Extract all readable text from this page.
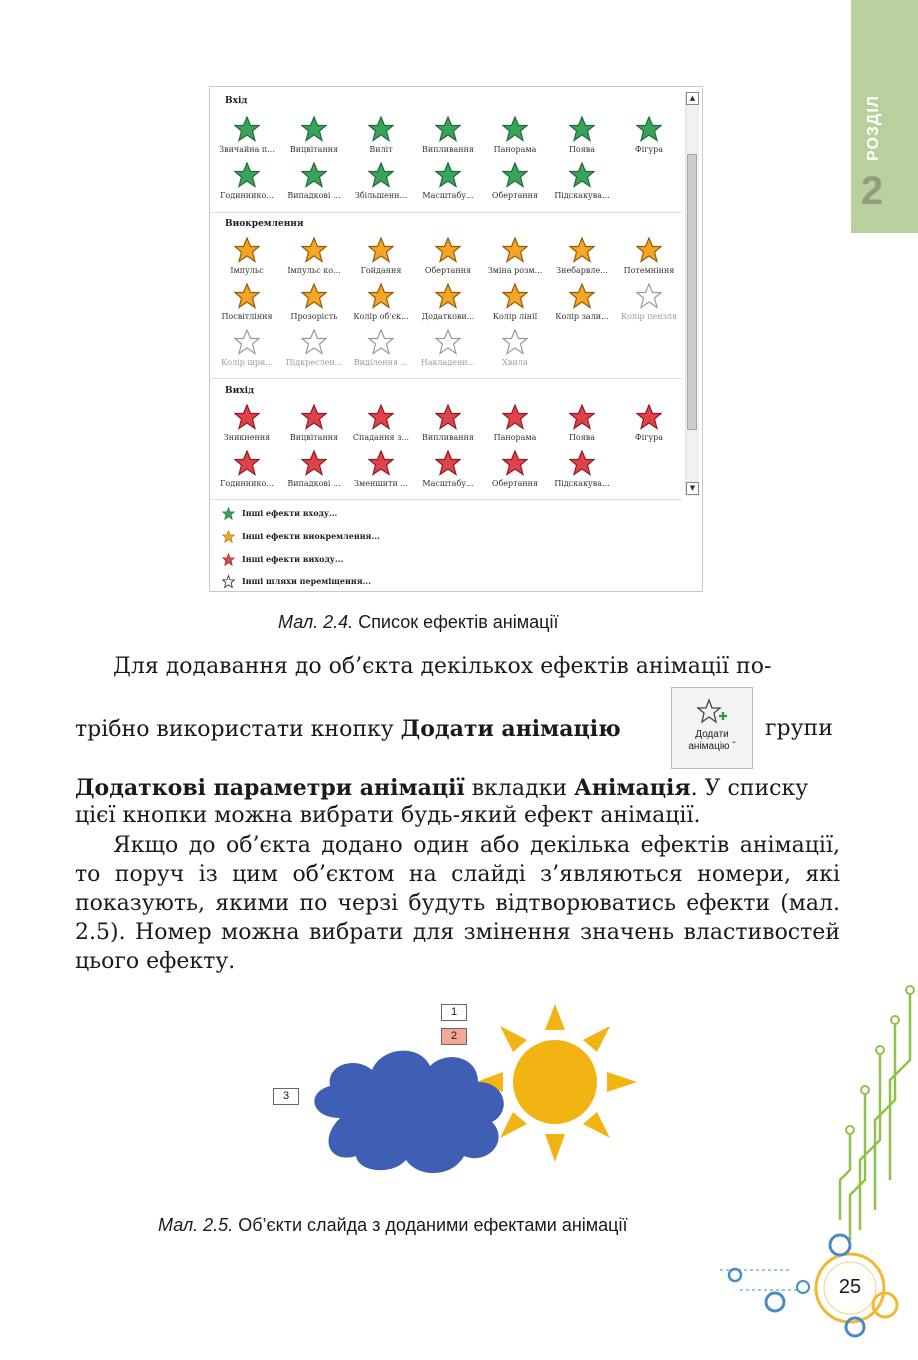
РОЗДІЛ
2
▲
▼
Вхід
Звичайна п...	Вицвітання	Виліт	Випливання	Панорама	Поява	Фігура
Годиннико...	Випадкові ...	Збільшенн...	Масштабу...	Обертання	Підскакува...
Виокремлення
Імпульс	Імпульс ко...	Гойдання	Обертання	Зміна розм...	Знебарвле...	Потемніння
Посвітління	Прозорість	Колір об'єк...	Додаткови...	Колір лінії	Колір зали...	Колір пензля
Колір шри...	Підкреслен...	Виділення ...	Накладенн...	Хвиля
Вихід
Зникнення	Вицвітання	Спадання з...	Випливання	Панорама	Поява	Фігура
Годиннико...	Випадкові ...	Зменшити ...	Масштабу...	Обертання	Підскакува...
Інші ефекти входу...
Інші ефекти виокремлення...
Інші ефекти виходу...
Інші шляхи переміщення...
Мал. 2.4. Список ефектів анімації
Для додавання до об’єкта декількох ефектів анімації по-
трібно використати кнопку Додати анімацію	Додати
анімацію ˇ
групи
Додаткові параметри анімації вкладки Анімація. У списку
цієї кнопки можна вибрати будь-який ефект анімації.

Якщо до об’єкта додано один або декілька ефектів анімації, то поруч із цим об’єктом на слайді з’являються номери, які показують, якими по черзі будуть відтворюватись ефекти (мал. 2.5). Номер можна вибрати для змінення значень властивостей цього ефекту.

1
2
3
Мал. 2.5. Об’єкти слайда з доданими ефектами анімації
25
